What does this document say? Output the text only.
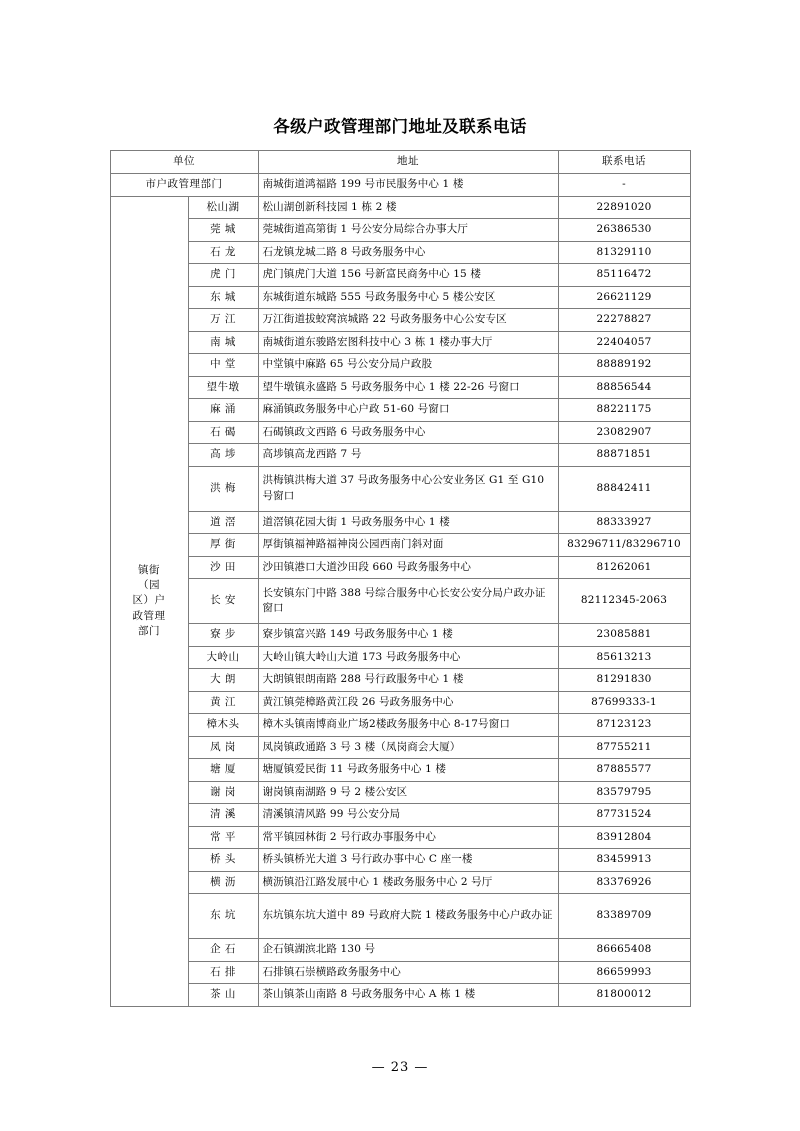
各级户政管理部门地址及联系电话
单位		地址	联系电话
市户政管理部门		南城街道鸿福路 199 号市民服务中心 1 楼	-

镇街（园区）户政管理部门	松山湖	松山湖创新科技园 1 栋 2 楼	22891020
	莞 城	莞城街道高第街 1 号公安分局综合办事大厅	26386530
	石 龙	石龙镇龙城二路 8 号政务服务中心	81329110
	虎 门	虎门镇虎门大道 156 号新富民商务中心 15 楼	85116472
	东 城	东城街道东城路 555 号政务服务中心 5 楼公安区	26621129
	万 江	万江街道拔蛟窝滨城路 22 号政务服务中心公安专区	22278827
	南 城	南城街道东骏路宏图科技中心 3 栋 1 楼办事大厅	22404057
	中 堂	中堂镇中麻路 65 号公安分局户政股	88889192
	望牛墩	望牛墩镇永盛路 5 号政务服务中心 1 楼 22-26 号窗口	88856544
	麻 涌	麻涌镇政务服务中心户政 51-60 号窗口	88221175
	石 碣	石碣镇政文西路 6 号政务服务中心	23082907
	高 埗	高埗镇高龙西路 7 号	88871851
	洪 梅	洪梅镇洪梅大道 37 号政务服务中心公安业务区 G1 至 G10 号窗口	88842411
	道 滘	道滘镇花园大街 1 号政务服务中心 1 楼	88333927
	厚 街	厚街镇福神路福神岗公园西南门斜对面	83296711/83296710
	沙 田	沙田镇港口大道沙田段 660 号政务服务中心	81262061
	长 安	长安镇东门中路 388 号综合服务中心长安公安分局户政办证窗口	82112345-2063
	寮 步	寮步镇富兴路 149 号政务服务中心 1 楼	23085881
	大岭山	大岭山镇大岭山大道 173 号政务服务中心	85613213
	大 朗	大朗镇银朗南路 288 号行政服务中心 1 楼	81291830
	黄 江	黄江镇莞樟路黄江段 26 号政务服务中心	87699333-1
	樟木头	樟木头镇南博商业广场2楼政务服务中心 8-17号窗口	87123123
	凤 岗	凤岗镇政通路 3 号 3 楼（凤岗商会大厦）	87755211
	塘 厦	塘厦镇爱民街 11 号政务服务中心 1 楼	87885577
	谢 岗	谢岗镇南湖路 9 号 2 楼公安区	83579795
	清 溪	清溪镇清风路 99 号公安分局	87731524
	常 平	常平镇园林街 2 号行政办事服务中心	83912804
	桥 头	桥头镇桥光大道 3 号行政办事中心 C 座一楼	83459913
	横 沥	横沥镇沿江路发展中心 1 楼政务服务中心 2 号厅	83376926
	东 坑	东坑镇东坑大道中 89 号政府大院 1 楼政务服务中心户政办证	83389709
	企 石	企石镇湖滨北路 130 号	86665408
	石 排	石排镇石崇横路政务服务中心	86659993
	茶 山	茶山镇茶山南路 8 号政务服务中心 A 栋 1 楼	81800012
— 23 —
